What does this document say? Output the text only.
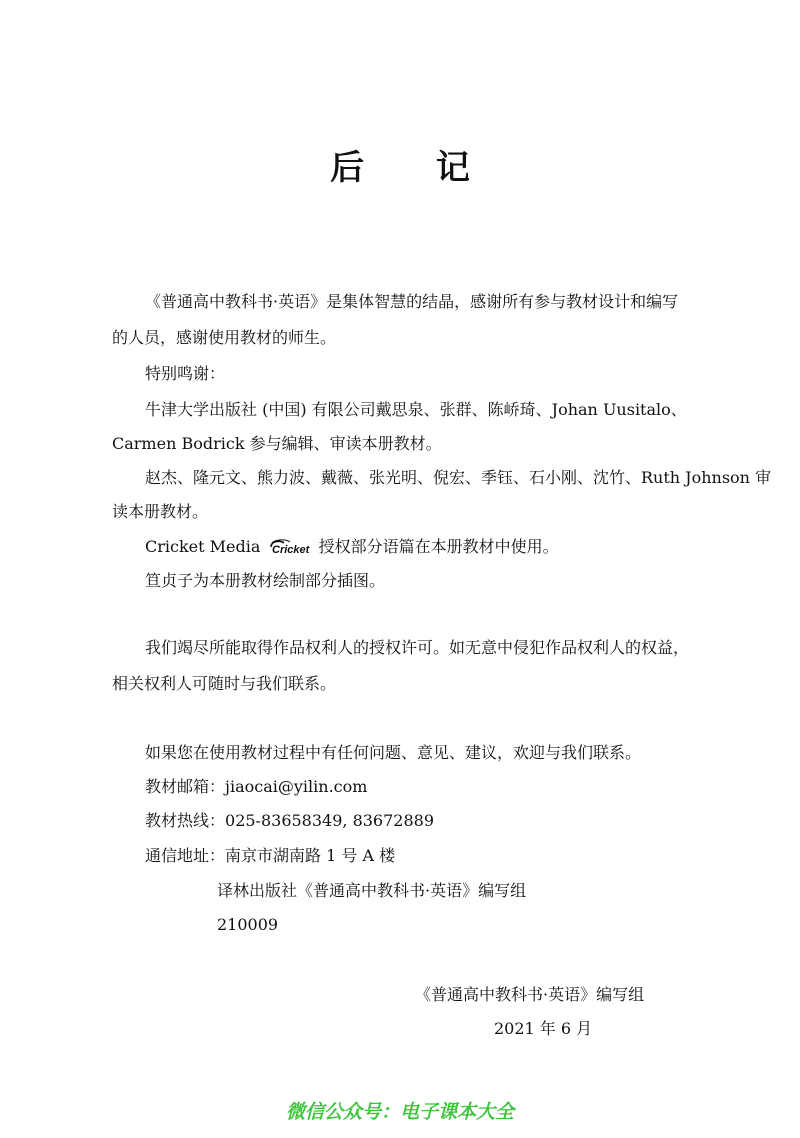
后 记
《普通高中教科书·英语》是集体智慧的结晶，感谢所有参与教材设计和编写
的人员，感谢使用教材的师生。
特别鸣谢：
牛津大学出版社 (中国) 有限公司戴思泉、张群、陈峤琦、Johan Uusitalo、
Carmen Bodrick 参与编辑、审读本册教材。
赵杰、隆元文、熊力波、戴薇、张光明、倪宏、季钰、石小刚、沈竹、Ruth Johnson 审
读本册教材。
Cricket Media Cricket 授权部分语篇在本册教材中使用。
笪贞子为本册教材绘制部分插图。
我们竭尽所能取得作品权利人的授权许可。如无意中侵犯作品权利人的权益，
相关权利人可随时与我们联系。
如果您在使用教材过程中有任何问题、意见、建议，欢迎与我们联系。
教材邮箱：jiaocai@yilin.com
教材热线：025-83658349, 83672889
通信地址：南京市湖南路 1 号 A 楼
译林出版社《普通高中教科书·英语》编写组
210009
《普通高中教科书·英语》编写组
2021 年 6 月
微信公众号：电子课本大全
